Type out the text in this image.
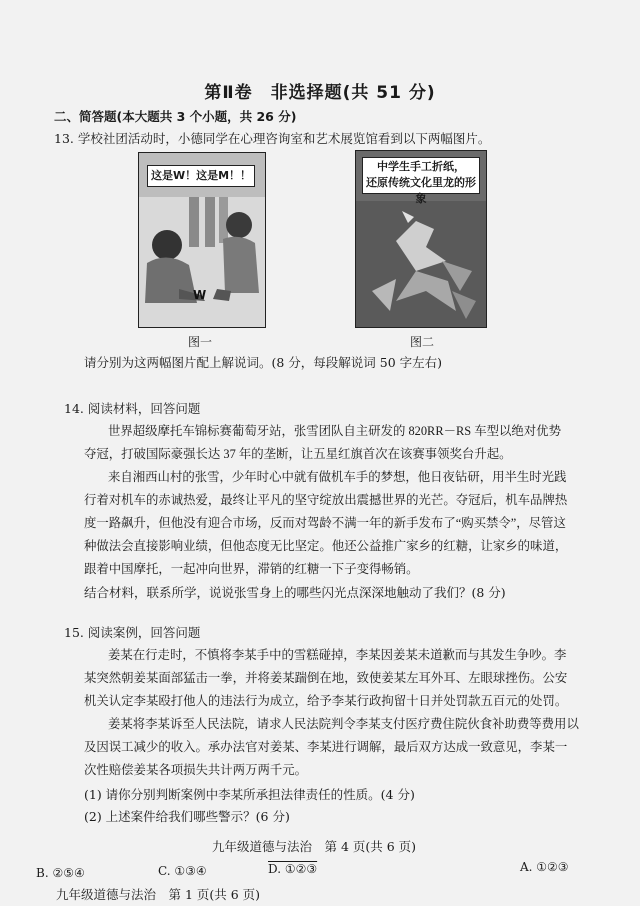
第Ⅱ卷　非选择题(共 51 分)
二、简答题(本大题共 3 个小题，共 26 分)
13. 学校社团活动时，小德同学在心理咨询室和艺术展览馆看到以下两幅图片。
W
这是W！这是M！！
图一
中学生手工折纸，
还原传统文化里龙的形象
图二
请分别为这两幅图片配上解说词。(8 分，每段解说词 50 字左右)
14. 阅读材料，回答问题
世界超级摩托车锦标赛葡萄牙站，张雪团队自主研发的 820RR－RS 车型以绝对优势
夺冠，打破国际豪强长达 37 年的垄断，让五星红旗首次在该赛事领奖台升起。
来自湘西山村的张雪，少年时心中就有做机车手的梦想，他日夜钻研，用半生时光践
行着对机车的赤诚热爱，最终让平凡的坚守绽放出震撼世界的光芒。夺冠后，机车品牌热
度一路飙升，但他没有迎合市场，反而对驾龄不满一年的新手发布了“购买禁令”，尽管这
种做法会直接影响业绩，但他态度无比坚定。他还公益推广家乡的红糖，让家乡的味道，
跟着中国摩托，一起冲向世界，滞销的红糖一下子变得畅销。
结合材料，联系所学，说说张雪身上的哪些闪光点深深地触动了我们？(8 分)
15. 阅读案例，回答问题
姜某在行走时，不慎将李某手中的雪糕碰掉，李某因姜某未道歉而与其发生争吵。李
某突然朝姜某面部猛击一拳，并将姜某踹倒在地，致使姜某左耳外耳、左眼球挫伤。公安
机关认定李某殴打他人的违法行为成立，给予李某行政拘留十日并处罚款五百元的处罚。
姜某将李某诉至人民法院，请求人民法院判令李某支付医疗费住院伙食补助费等费用以
及因误工减少的收入。承办法官对姜某、李某进行调解，最后双方达成一致意见，李某一
次性赔偿姜某各项损失共计两万两千元。
(1) 请你分别判断案例中李某所承担法律责任的性质。(4 分)
(2) 上述案件给我们哪些警示？(6 分)
九年级道德与法治　第 4 页(共 6 页)
B. ②⑤④	C. ①③④	D. ①②③	A. ①②③
九年级道德与法治　第 1 页(共 6 页)
